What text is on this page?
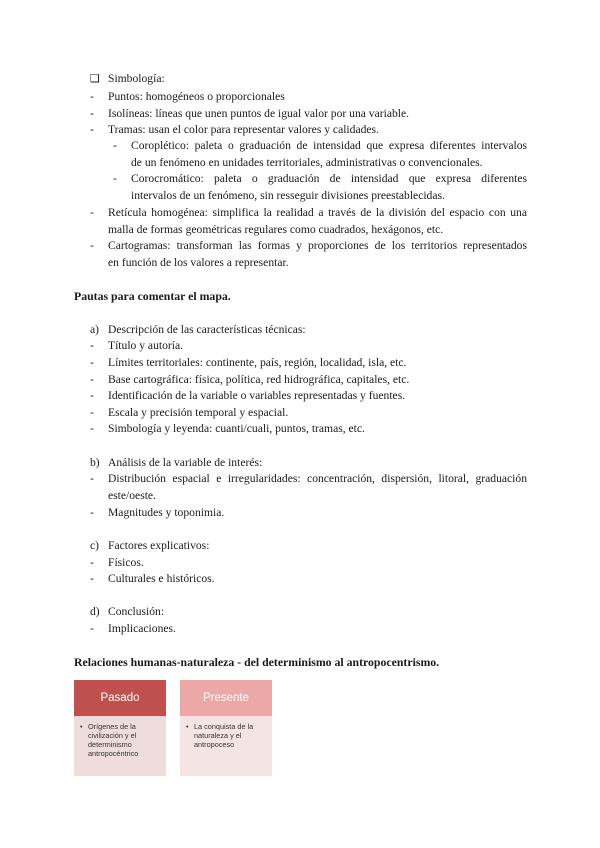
❑ Simbología:
- Puntos: homogéneos o proporcionales
- Isolíneas: líneas que unen puntos de igual valor por una variable.
- Tramas: usan el color para representar valores y calidades.
- Coroplético: paleta o graduación de intensidad que expresa diferentes intervalos
de un fenómeno en unidades territoriales, administrativas o convencionales.
- Corocromático: paleta o graduación de intensidad que expresa diferentes
intervalos de un fenómeno, sin resseguir divisiones preestablecidas.
- Retícula homogénea: simplifica la realidad a través de la división del espacio con una
malla de formas geométricas regulares como cuadrados, hexágonos, etc.
- Cartogramas: transforman las formas y proporciones de los territorios representados
en función de los valores a representar.
Pautas para comentar el mapa.
a) Descripción de las características técnicas:
- Título y autoría.
- Límites territoriales: continente, país, región, localidad, isla, etc.
- Base cartográfica: física, política, red hidrográfica, capitales, etc.
- Identificación de la variable o variables representadas y fuentes.
- Escala y precisión temporal y espacial.
- Simbología y leyenda: cuanti/cuali, puntos, tramas, etc.
b) Análisis de la variable de interés:
- Distribución espacial e irregularidades: concentración, dispersión, litoral, graduación
este/oeste.
- Magnitudes y toponimia.
c) Factores explicativos:
- Físicos.
- Culturales e históricos.
d) Conclusión:
- Implicaciones.
Relaciones humanas-naturaleza - del determinismo al antropocentrismo.
Pasado
• Orígenes de la civilización y el determinismo antropocéntrico
Presente
• La conquista de la naturaleza y el antropoceso
